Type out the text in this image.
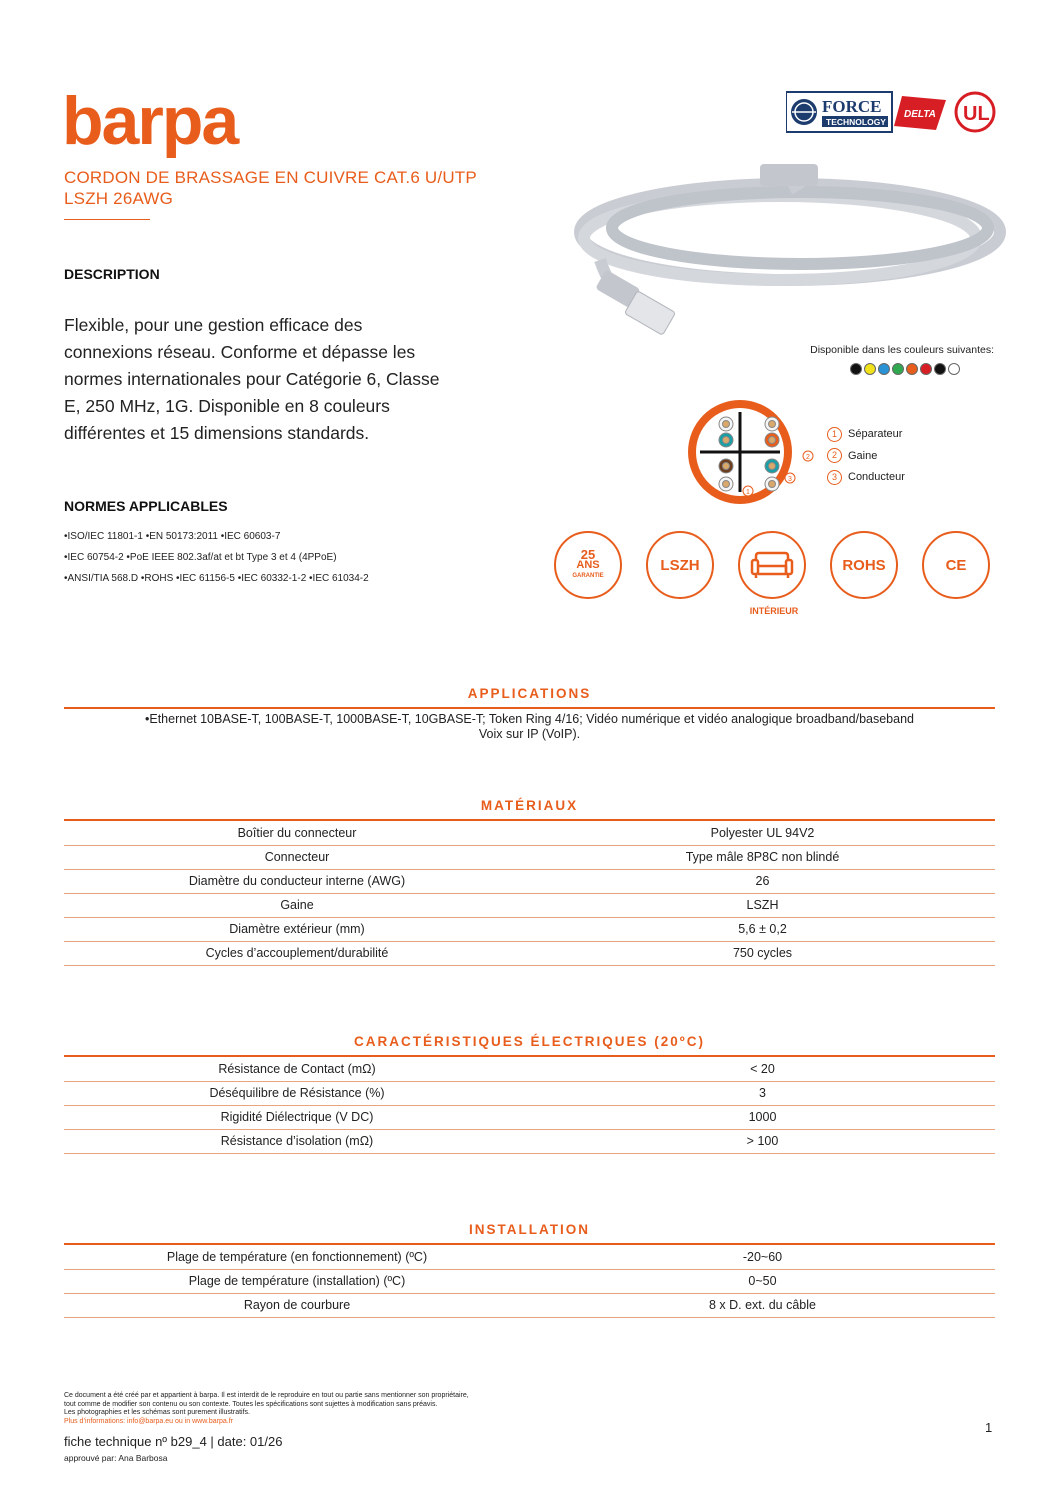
barpa
CORDON DE BRASSAGE EN CUIVRE CAT.6 U/UTP
LSZH 26AWG
FORCE
TECHNOLOGY
DELTA UL
DESCRIPTION
Flexible, pour une gestion efficace des connexions réseau. Conforme et dépasse les normes internationales pour Catégorie 6, Classe E, 250 MHz, 1G. Disponible en 8 couleurs différentes et 15 dimensions standards.
NORMES APPLICABLES
•ISO/IEC 11801-1 •EN 50173:2011 •IEC 60603-7
•IEC 60754-2 •PoE IEEE 802.3af/at et bt Type 3 et 4 (4PPoE)
•ANSI/TIA 568.D •ROHS •IEC 61156-5 •IEC 60332-1-2 •IEC 61034-2
Disponible dans les couleurs suivantes:
1
2
3
1 Séparateur
2 Gaine
3 Conducteur
25
ANS
GARANTIE
LSZH
INTÉRIEUR
ROHS	CE
APPLICATIONS
•Ethernet 10BASE-T, 100BASE-T, 1000BASE-T, 10GBASE-T; Token Ring 4/16; Vidéo numérique et vidéo analogique broadband/baseband
Voix sur IP (VoIP).
MATÉRIAUX
Boîtier du connecteur	Polyester UL 94V2
Connecteur	Type mâle 8P8C non blindé
Diamètre du conducteur interne (AWG)	26
Gaine	LSZH
Diamètre extérieur (mm)	5,6 ± 0,2
Cycles d’accouplement/durabilité	750 cycles
CARACTÉRISTIQUES ÉLECTRIQUES (20ºC)
Résistance de Contact (mΩ)	< 20
Déséquilibre de Résistance (%)	3
Rigidité Diélectrique (V DC)	1000
Résistance d’isolation (mΩ)	> 100
INSTALLATION
Plage de température (en fonctionnement) (ºC)	-20~60
Plage de température (installation) (ºC)	0~50
Rayon de courbure	8 x D. ext. du câble
Ce document a été créé par et appartient à barpa. Il est interdit de le reproduire en tout ou partie sans mentionner son propriétaire,
tout comme de modifier son contenu ou son contexte. Toutes les spécifications sont sujettes à modification sans préavis.
Les photographies et les schémas sont purement illustratifs.
Plus d’informations: info@barpa.eu ou in www.barpa.fr
fiche technique nº b29_4 | date: 01/26
approuvé par: Ana Barbosa
1
